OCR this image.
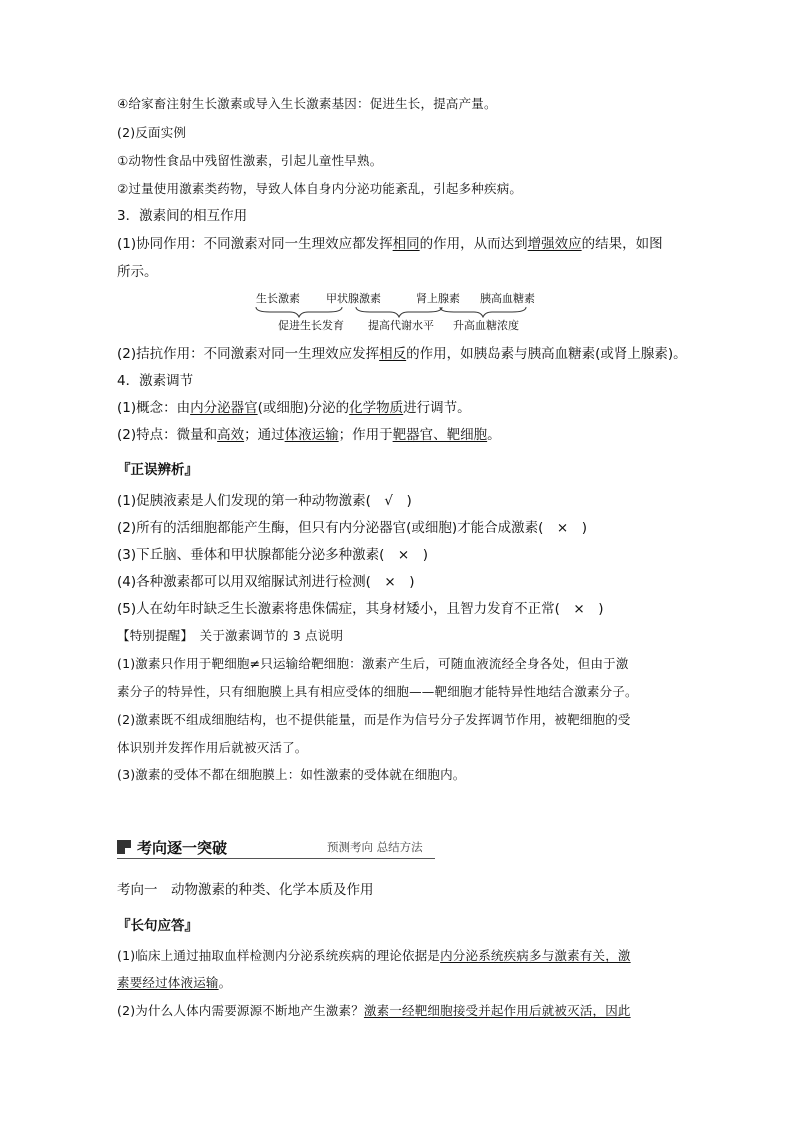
④给家畜注射生长激素或导入生长激素基因：促进生长，提高产量。
(2)反面实例
①动物性食品中残留性激素，引起儿童性早熟。
②过量使用激素类药物，导致人体自身内分泌功能紊乱，引起多种疾病。
3．激素间的相互作用
(1)协同作用：不同激素对同一生理效应都发挥相同的作用，从而达到增强效应的结果，如图
所示。
生长激素 甲状腺激素	肾上腺素 胰高血糖素
促进生长发育 提高代谢水平 升高血糖浓度
(2)拮抗作用：不同激素对同一生理效应发挥相反的作用，如胰岛素与胰高血糖素(或肾上腺素)。
4．激素调节
(1)概念：由内分泌器官(或细胞)分泌的化学物质进行调节。
(2)特点：微量和高效；通过体液运输；作用于靶器官、靶细胞。
『正误辨析』
(1)促胰液素是人们发现的第一种动物激素(　√　)
(2)所有的活细胞都能产生酶，但只有内分泌器官(或细胞)才能合成激素(　×　)
(3)下丘脑、垂体和甲状腺都能分泌多种激素(　×　)
(4)各种激素都可以用双缩脲试剂进行检测(　×　)
(5)人在幼年时缺乏生长激素将患侏儒症，其身材矮小，且智力发育不正常(　×　)
【特别提醒】　关于激素调节的 3 点说明
(1)激素只作用于靶细胞≠只运输给靶细胞：激素产生后，可随血液流经全身各处，但由于激
素分子的特异性，只有细胞膜上具有相应受体的细胞——靶细胞才能特异性地结合激素分子。
(2)激素既不组成细胞结构，也不提供能量，而是作为信号分子发挥调节作用，被靶细胞的受
体识别并发挥作用后就被灭活了。
(3)激素的受体不都在细胞膜上：如性激素的受体就在细胞内。
考向逐一突破	预测考向 总结方法
考向一　动物激素的种类、化学本质及作用
『长句应答』
(1)临床上通过抽取血样检测内分泌系统疾病的理论依据是内分泌系统疾病多与激素有关，激
素要经过体液运输。
(2)为什么人体内需要源源不断地产生激素？激素一经靶细胞接受并起作用后就被灭活，因此
